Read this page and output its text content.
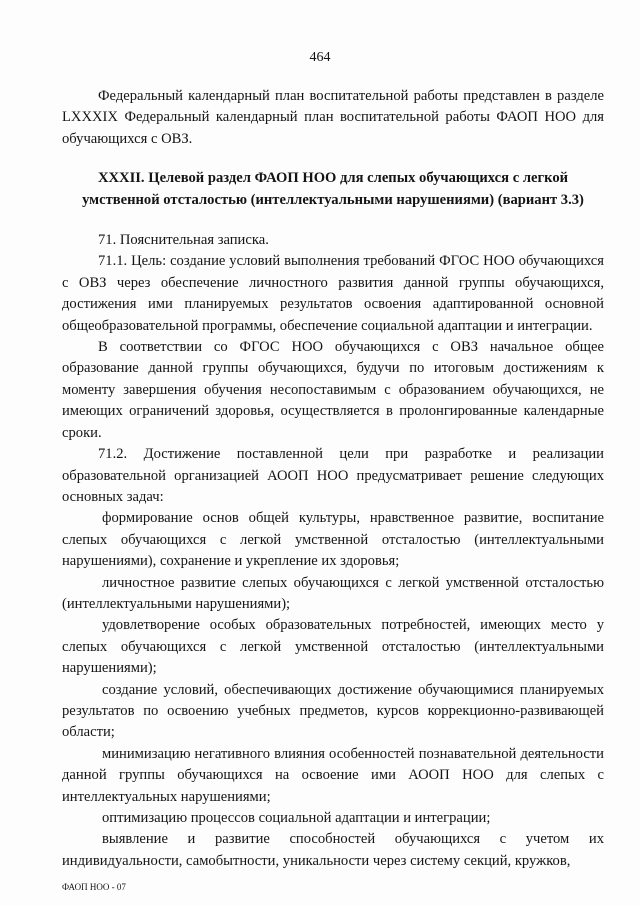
464

Федеральный календарный план воспитательной работы представлен в разделе LXXXIX Федеральный календарный план воспитательной работы ФАОП НОО для обучающихся с ОВЗ.

XXXII. Целевой раздел ФАОП НОО для слепых обучающихся с легкой умственной отсталостью (интеллектуальными нарушениями) (вариант 3.3)

71. Пояснительная записка.

71.1. Цель: создание условий выполнения требований ФГОС НОО обучающихся с ОВЗ через обеспечение личностного развития данной группы обучающихся, достижения ими планируемых результатов освоения адаптированной основной общеобразовательной программы, обеспечение социальной адаптации и интеграции.

В соответствии со ФГОС НОО обучающихся с ОВЗ начальное общее образование данной группы обучающихся, будучи по итоговым достижениям к моменту завершения обучения несопоставимым с образованием обучающихся, не имеющих ограничений здоровья, осуществляется в пролонгированные календарные сроки.

71.2. Достижение поставленной цели при разработке и реализации образовательной организацией АООП НОО предусматривает решение следующих основных задач:

формирование основ общей культуры, нравственное развитие, воспитание слепых обучающихся с легкой умственной отсталостью (интеллектуальными нарушениями), сохранение и укрепление их здоровья;

личностное развитие слепых обучающихся с легкой умственной отсталостью (интеллектуальными нарушениями);

удовлетворение особых образовательных потребностей, имеющих место у слепых обучающихся с легкой умственной отсталостью (интеллектуальными нарушениями);

создание условий, обеспечивающих достижение обучающимися планируемых результатов по освоению учебных предметов, курсов коррекционно-развивающей области;

минимизацию негативного влияния особенностей познавательной деятельности данной группы обучающихся на освоение ими АООП НОО для слепых с интеллектуальных нарушениями;

оптимизацию процессов социальной адаптации и интеграции;

выявление и развитие способностей обучающихся с учетом их индивидуальности, самобытности, уникальности через систему секций, кружков,

ФАОП НОО - 07
